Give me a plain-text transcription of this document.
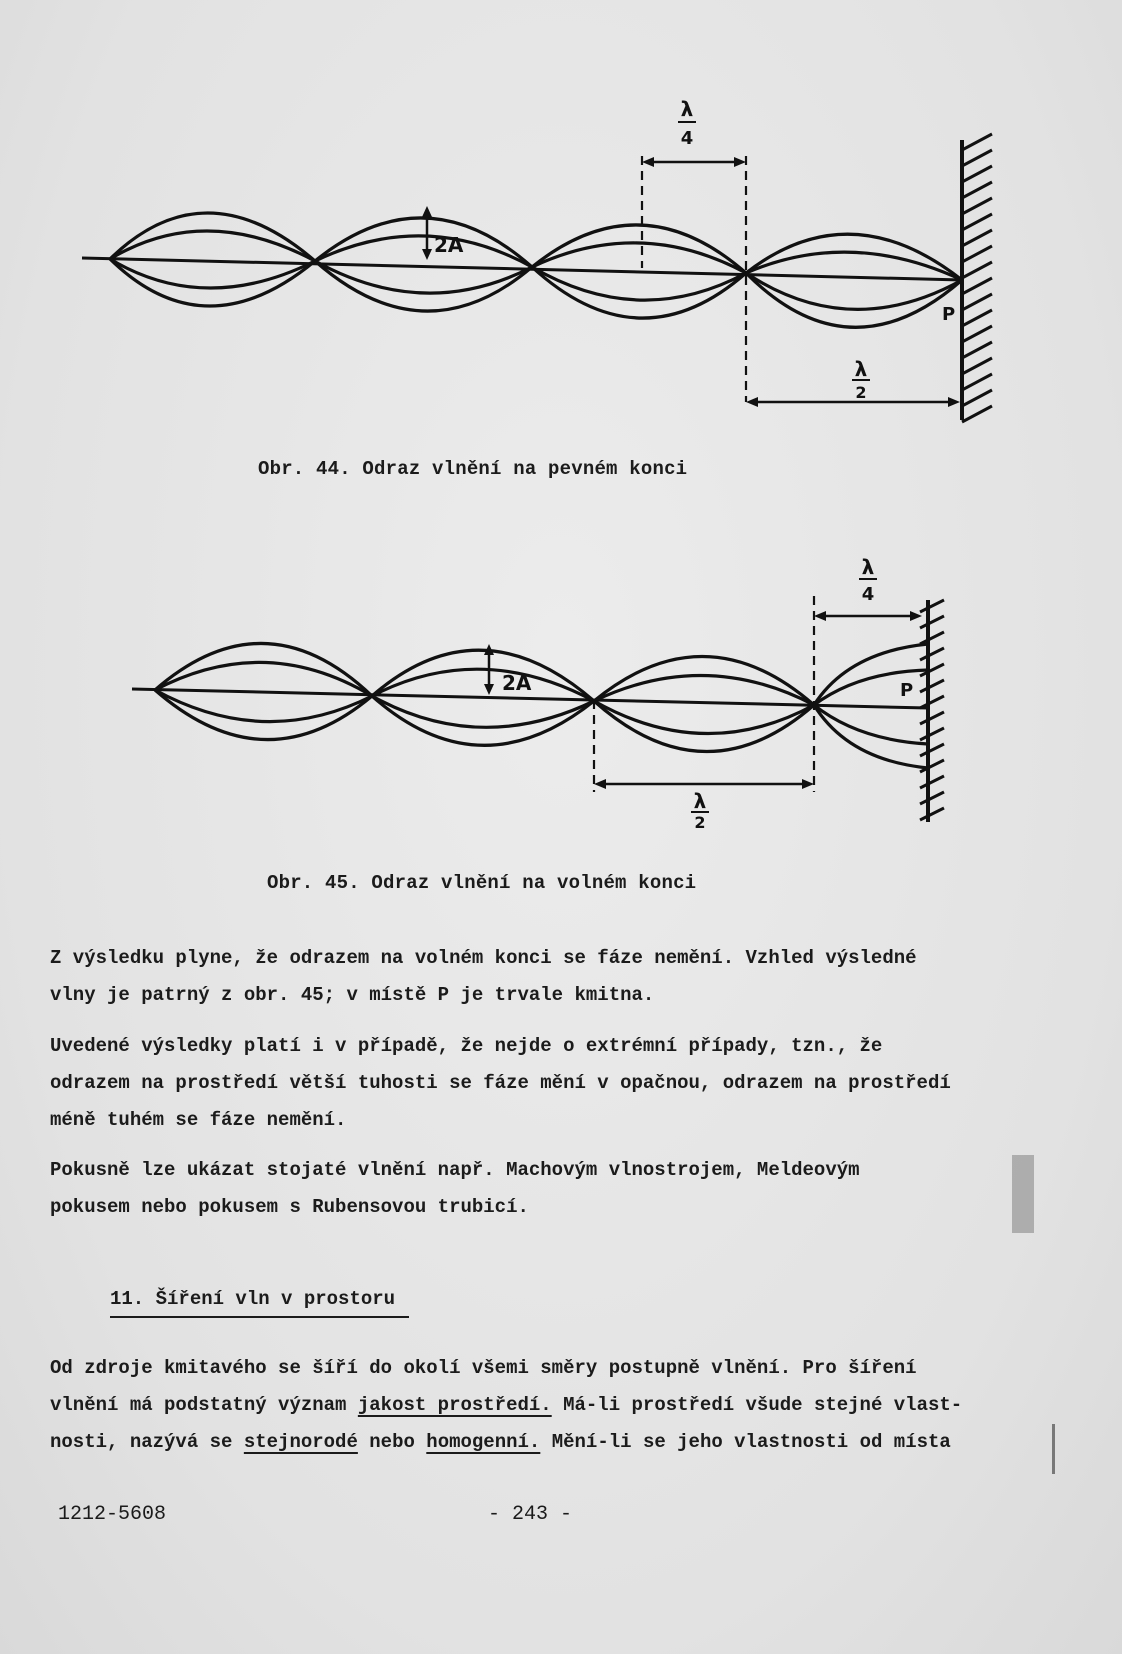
2A
P
λ
4
λ
2
Obr. 44. Odraz vlnění na pevném konci
2A	P
λ
4
λ
2
Obr. 45. Odraz vlnění na volném konci
Z výsledku plyne, že odrazem na volném konci se fáze nemění. Vzhled výsledné
vlny je patrný z obr. 45; v místě P je trvale kmitna.
Uvedené výsledky platí i v případě, že nejde o extrémní případy, tzn., že
odrazem na prostředí větší tuhosti se fáze mění v opačnou, odrazem na prostředí
méně tuhém se fáze nemění.
Pokusně lze ukázat stojaté vlnění např. Machovým vlnostrojem, Meldeovým
pokusem nebo pokusem s Rubensovou trubicí.
11. Šíření vln v prostoru
Od zdroje kmitavého se šíří do okolí všemi směry postupně vlnění. Pro šíření
vlnění má podstatný význam jakost prostředí. Má-li prostředí všude stejné vlast-
nosti, nazývá se stejnorodé nebo homogenní. Mění-li se jeho vlastnosti od místa
1212-5608	- 243 -
